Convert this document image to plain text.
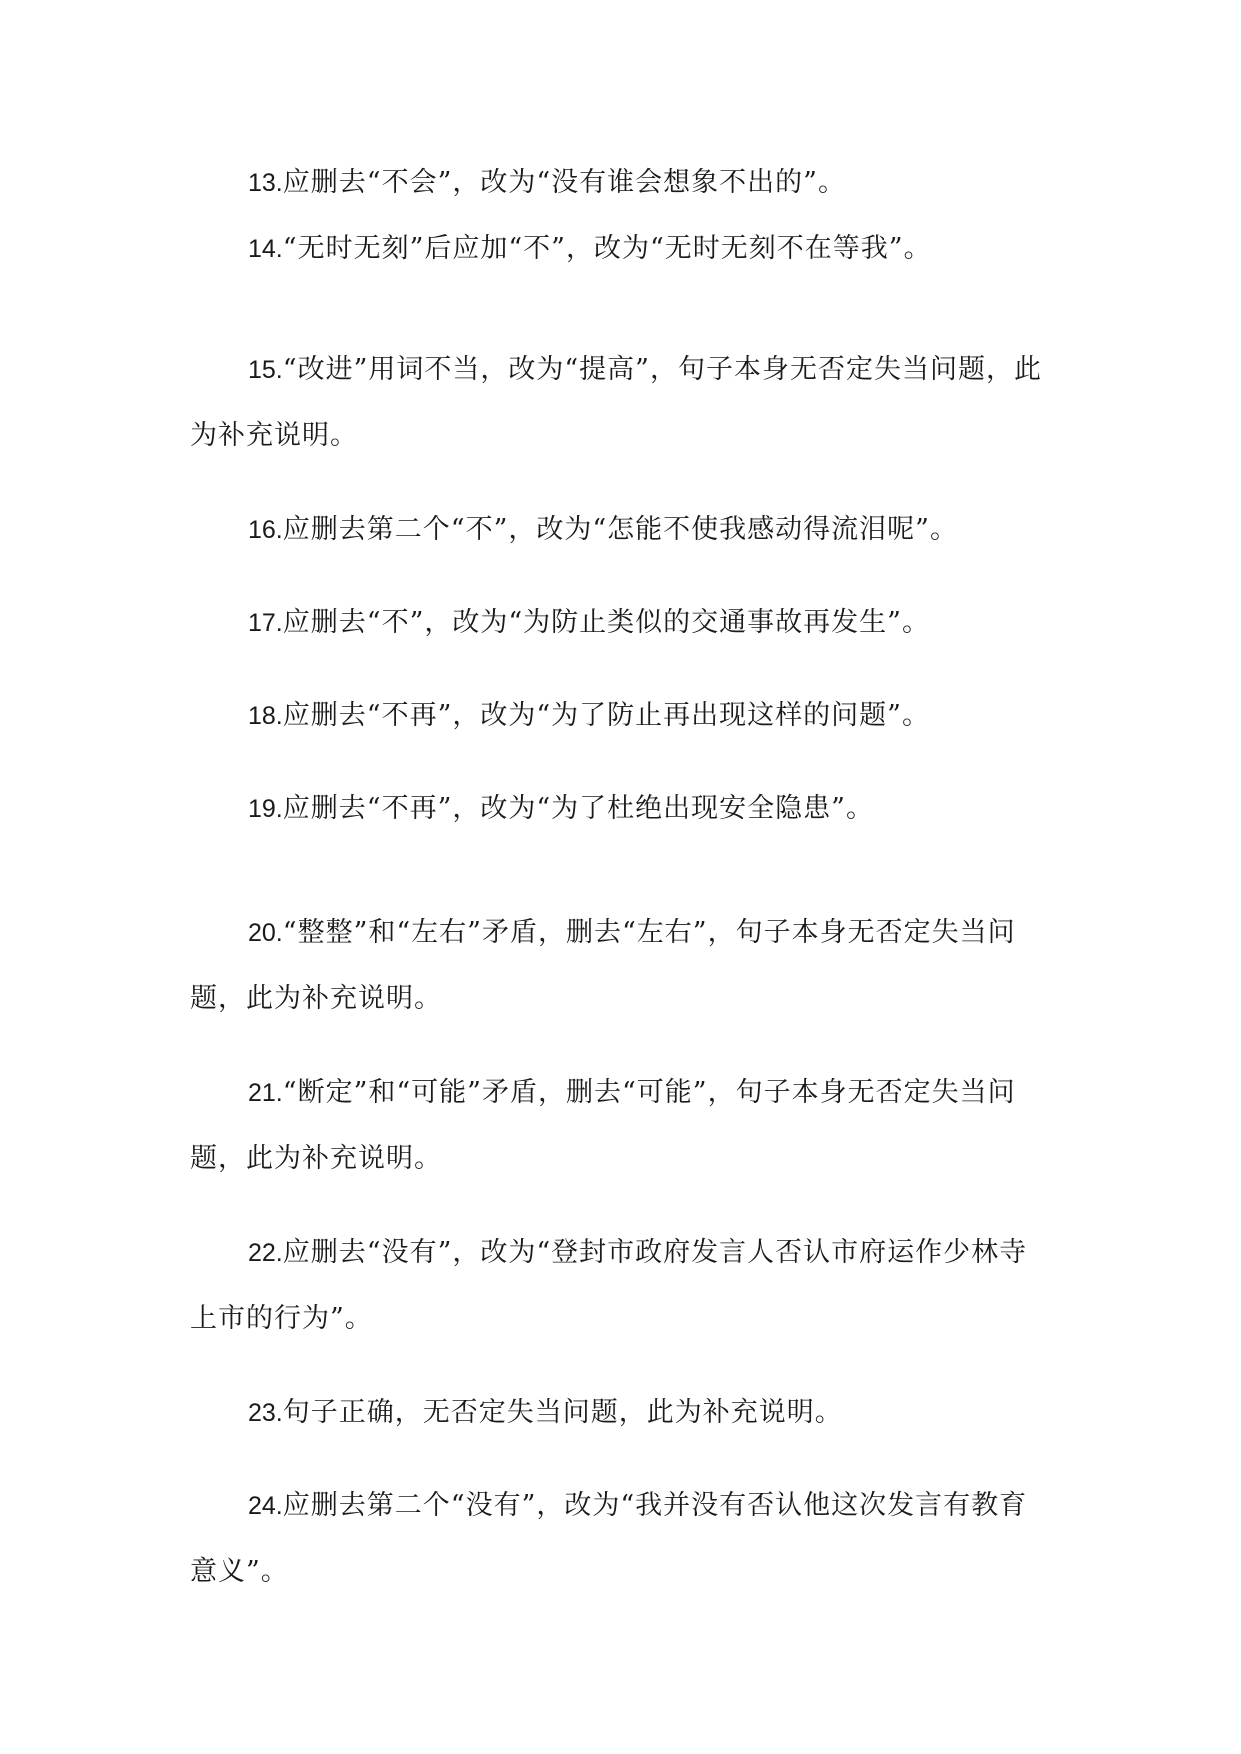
13.应删去“不会”，改为“没有谁会想象不出的”。

14.“无时无刻”后应加“不”，改为“无时无刻不在等我”。

15.“改进”用词不当，改为“提高”，句子本身无否定失当问题，此为补充说明。

16.应删去第二个“不”，改为“怎能不使我感动得流泪呢”。

17.应删去“不”，改为“为防止类似的交通事故再发生”。

18.应删去“不再”，改为“为了防止再出现这样的问题”。

19.应删去“不再”，改为“为了杜绝出现安全隐患”。

20.“整整”和“左右”矛盾，删去“左右”，句子本身无否定失当问题，此为补充说明。

21.“断定”和“可能”矛盾，删去“可能”，句子本身无否定失当问题，此为补充说明。

22.应删去“没有”，改为“登封市政府发言人否认市府运作少林寺上市的行为”。

23.句子正确，无否定失当问题，此为补充说明。

24.应删去第二个“没有”，改为“我并没有否认他这次发言有教育意义”。
